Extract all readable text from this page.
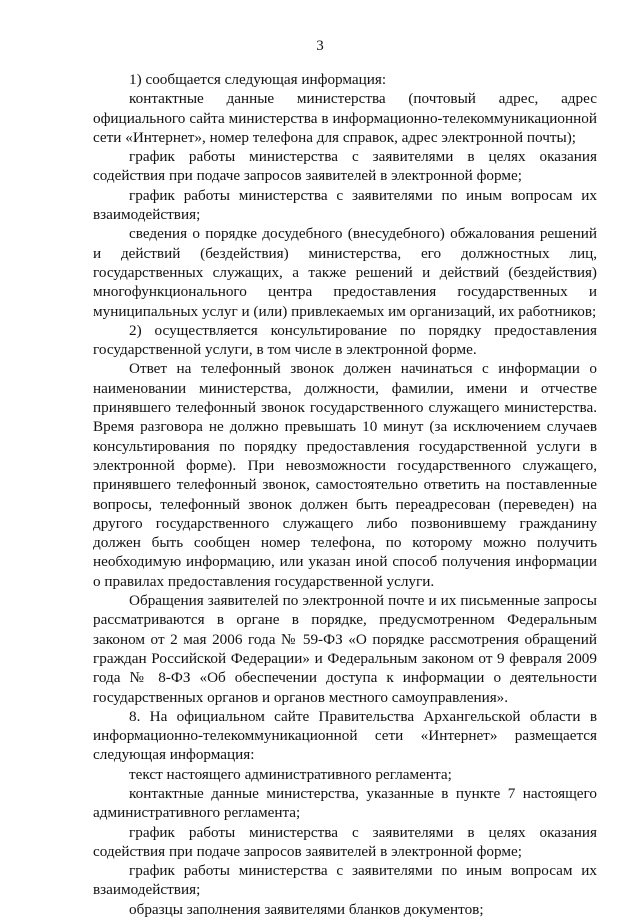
3

1) сообщается следующая информация:

контактные данные министерства (почтовый адрес, адрес официального сайта министерства в информационно-телекоммуникационной сети «Интернет», номер телефона для справок, адрес электронной почты);

график работы министерства с заявителями в целях оказания содействия при подаче запросов заявителей в электронной форме;

график работы министерства с заявителями по иным вопросам их взаимодействия;

сведения о порядке досудебного (внесудебного) обжалования решений и действий (бездействия) министерства, его должностных лиц, государственных служащих, а также решений и действий (бездействия) многофункционального центра предоставления государственных и муниципальных услуг и (или) привлекаемых им организаций, их работников;

2) осуществляется консультирование по порядку предоставления государственной услуги, в том числе в электронной форме.

Ответ на телефонный звонок должен начинаться с информации о наименовании министерства, должности, фамилии, имени и отчестве принявшего телефонный звонок государственного служащего министерства. Время разговора не должно превышать 10 минут (за исключением случаев консультирования по порядку предоставления государственной услуги в электронной форме). При невозможности государственного служащего, принявшего телефонный звонок, самостоятельно ответить на поставленные вопросы, телефонный звонок должен быть переадресован (переведен) на другого государственного служащего либо позвонившему гражданину должен быть сообщен номер телефона, по которому можно получить необходимую информацию, или указан иной способ получения информации о правилах предоставления государственной услуги.

Обращения заявителей по электронной почте и их письменные запросы рассматриваются в органе в порядке, предусмотренном Федеральным законом от 2 мая 2006 года № 59-ФЗ «О порядке рассмотрения обращений граждан Российской Федерации» и Федеральным законом от 9 февраля 2009 года № 8-ФЗ «Об обеспечении доступа к информации о деятельности государственных органов и органов местного самоуправления».

8. На официальном сайте Правительства Архангельской области в информационно-телекоммуникационной сети «Интернет» размещается следующая информация:

текст настоящего административного регламента;

контактные данные министерства, указанные в пункте 7 настоящего административного регламента;

график работы министерства с заявителями в целях оказания содействия при подаче запросов заявителей в электронной форме;

график работы министерства с заявителями по иным вопросам их взаимодействия;

образцы заполнения заявителями бланков документов;
